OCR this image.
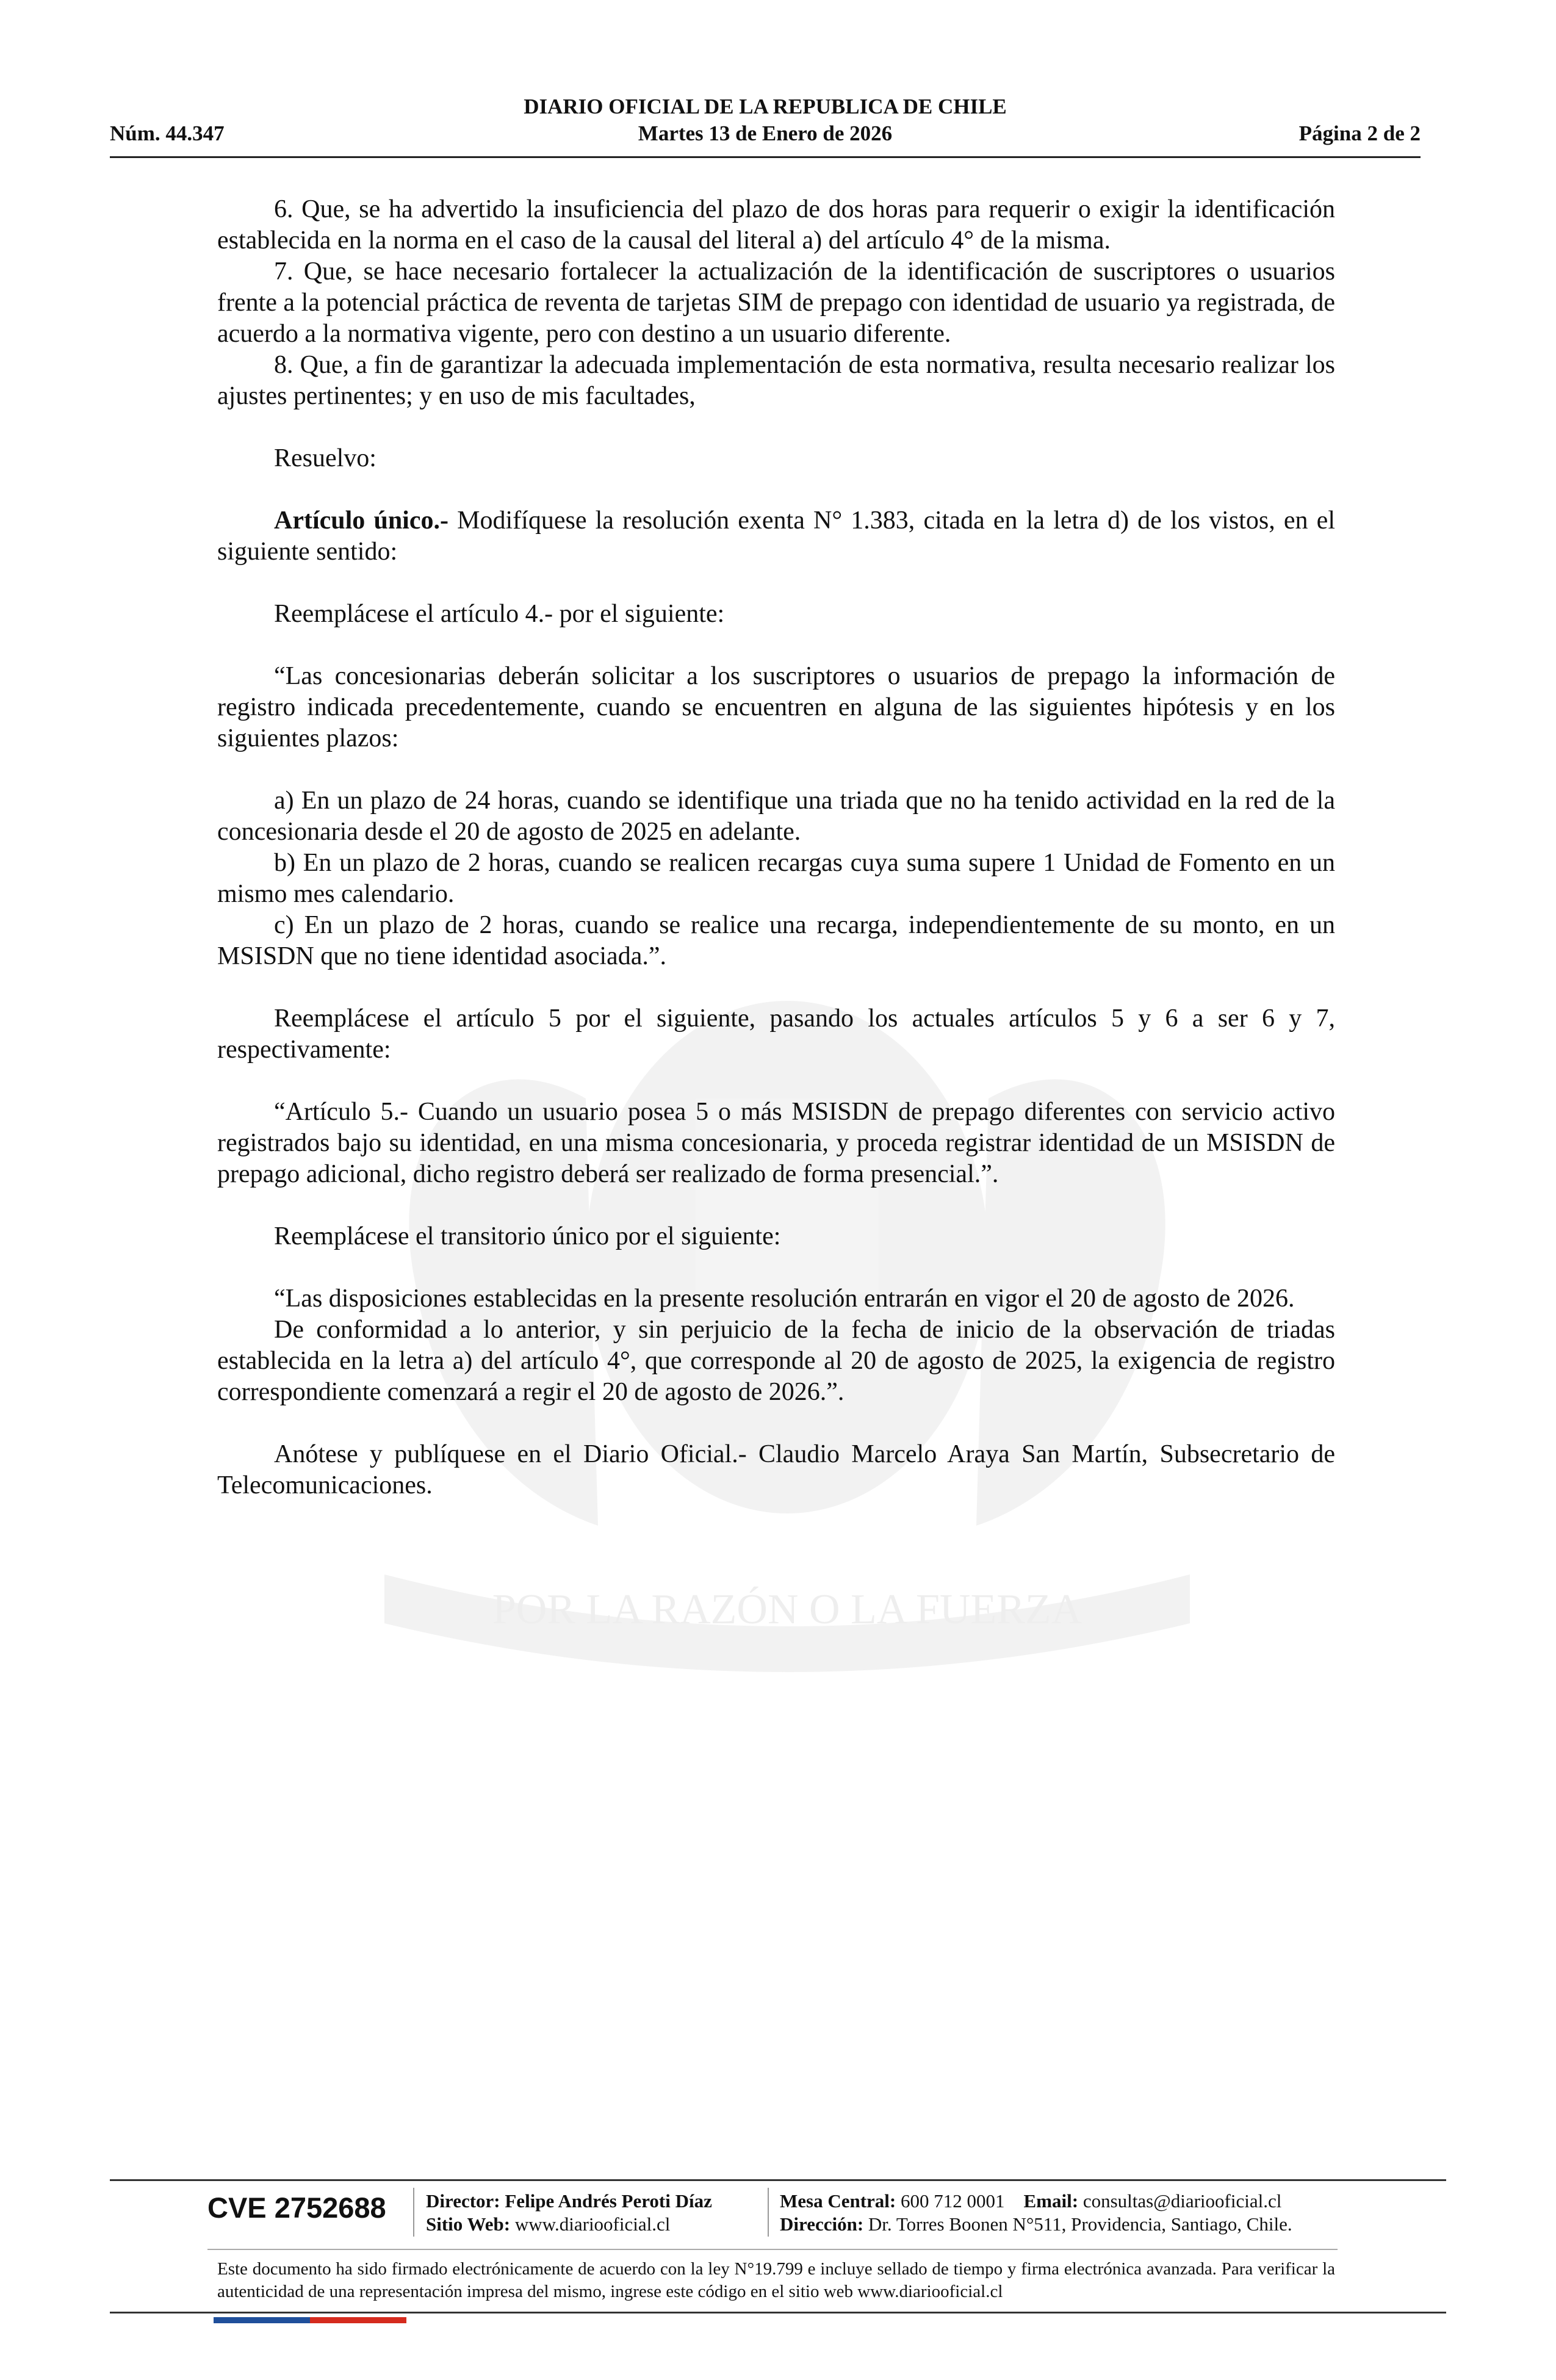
POR LA RAZÓN O LA FUERZA
DIARIO OFICIAL DE LA REPUBLICA DE CHILE
Núm. 44.347	Martes 13 de Enero de 2026	Página 2 de 2

6. Que, se ha advertido la insuficiencia del plazo de dos horas para requerir o exigir la identificación establecida en la norma en el caso de la causal del literal a) del artículo 4° de la misma.

7. Que, se hace necesario fortalecer la actualización de la identificación de suscriptores o usuarios frente a la potencial práctica de reventa de tarjetas SIM de prepago con identidad de usuario ya registrada, de acuerdo a la normativa vigente, pero con destino a un usuario diferente.

8. Que, a fin de garantizar la adecuada implementación de esta normativa, resulta necesario realizar los ajustes pertinentes; y en uso de mis facultades,

Resuelvo:

Artículo único.- Modifíquese la resolución exenta N° 1.383, citada en la letra d) de los vistos, en el siguiente sentido:

Reemplácese el artículo 4.- por el siguiente:

“Las concesionarias deberán solicitar a los suscriptores o usuarios de prepago la información de registro indicada precedentemente, cuando se encuentren en alguna de las siguientes hipótesis y en los siguientes plazos:

a) En un plazo de 24 horas, cuando se identifique una triada que no ha tenido actividad en la red de la concesionaria desde el 20 de agosto de 2025 en adelante.

b) En un plazo de 2 horas, cuando se realicen recargas cuya suma supere 1 Unidad de Fomento en un mismo mes calendario.

c) En un plazo de 2 horas, cuando se realice una recarga, independientemente de su monto, en un MSISDN que no tiene identidad asociada.”.

Reemplácese el artículo 5 por el siguiente, pasando los actuales artículos 5 y 6 a ser 6 y 7, respectivamente:

“Artículo 5.- Cuando un usuario posea 5 o más MSISDN de prepago diferentes con servicio activo registrados bajo su identidad, en una misma concesionaria, y proceda registrar identidad de un MSISDN de prepago adicional, dicho registro deberá ser realizado de forma presencial.”.

Reemplácese el transitorio único por el siguiente:

“Las disposiciones establecidas en la presente resolución entrarán en vigor el 20 de agosto de 2026.

De conformidad a lo anterior, y sin perjuicio de la fecha de inicio de la observación de triadas establecida en la letra a) del artículo 4°, que corresponde al 20 de agosto de 2025, la exigencia de registro correspondiente comenzará a regir el 20 de agosto de 2026.”.

Anótese y publíquese en el Diario Oficial.- Claudio Marcelo Araya San Martín, Subsecretario de Telecomunicaciones.

CVE 2752688 Director: Felipe Andrés Peroti Díaz
Sitio Web: www.diariooficial.cl
Mesa Central: 600 712 0001 Email: consultas@diariooficial.cl
Dirección: Dr. Torres Boonen N°511, Providencia, Santiago, Chile.
Este documento ha sido firmado electrónicamente de acuerdo con la ley N°19.799 e incluye sellado de tiempo y firma electrónica avanzada. Para verificar la autenticidad de una representación impresa del mismo, ingrese este código en el sitio web www.diariooficial.cl
